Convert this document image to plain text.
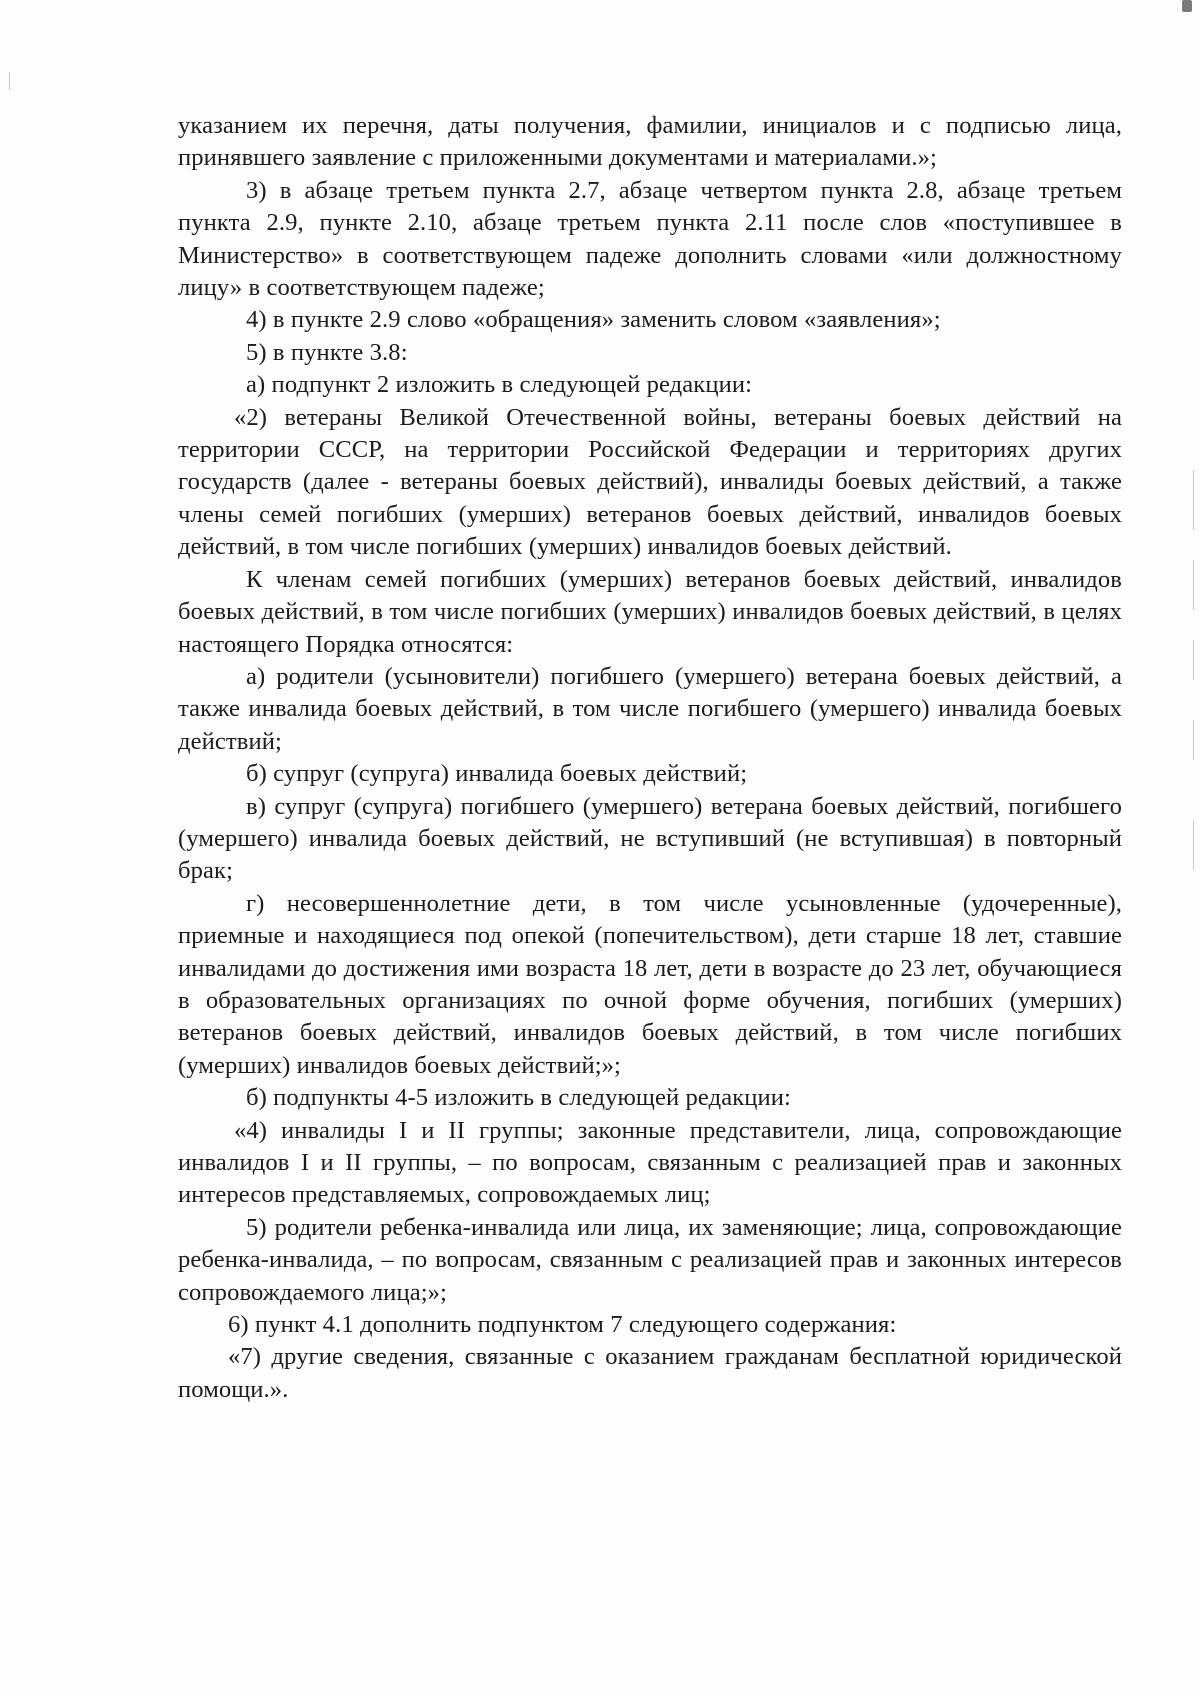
указанием их перечня, даты получения, фамилии, инициалов и с подписью лица, принявшего заявление с приложенными документами и материалами.»;

3) в абзаце третьем пункта 2.7, абзаце четвертом пункта 2.8, абзаце третьем пункта 2.9, пункте 2.10, абзаце третьем пункта 2.11 после слов «поступившее в Министерство» в соответствующем падеже дополнить словами «или должностному лицу» в соответствующем падеже;

4) в пункте 2.9 слово «обращения» заменить словом «заявления»;

5) в пункте 3.8:

а) подпункт 2 изложить в следующей редакции:

«2) ветераны Великой Отечественной войны, ветераны боевых действий на территории СССР, на территории Российской Федерации и территориях других государств (далее - ветераны боевых действий), инвалиды боевых действий, а также члены семей погибших (умерших) ветеранов боевых действий, инвалидов боевых действий, в том числе погибших (умерших) инвалидов боевых действий.

К членам семей погибших (умерших) ветеранов боевых действий, инвалидов боевых действий, в том числе погибших (умерших) инвалидов боевых действий, в целях настоящего Порядка относятся:

а) родители (усыновители) погибшего (умершего) ветерана боевых действий, а также инвалида боевых действий, в том числе погибшего (умершего) инвалида боевых действий;

б) супруг (супруга) инвалида боевых действий;

в) супруг (супруга) погибшего (умершего) ветерана боевых действий, погибшего (умершего) инвалида боевых действий, не вступивший (не вступившая) в повторный брак;

г) несовершеннолетние дети, в том числе усыновленные (удочеренные), приемные и находящиеся под опекой (попечительством), дети старше 18 лет, ставшие инвалидами до достижения ими возраста 18 лет, дети в возрасте до 23 лет, обучающиеся в образовательных организациях по очной форме обучения, погибших (умерших) ветеранов боевых действий, инвалидов боевых действий, в том числе погибших (умерших) инвалидов боевых действий;»;

б) подпункты 4-5 изложить в следующей редакции:

«4) инвалиды I и II группы; законные представители, лица, сопровождающие инвалидов I и II группы, – по вопросам, связанным с реализацией прав и законных интересов представляемых, сопровождаемых лиц;

5) родители ребенка-инвалида или лица, их заменяющие; лица, сопровождающие ребенка-инвалида, – по вопросам, связанным с реализацией прав и законных интересов сопровождаемого лица;»;

6) пункт 4.1 дополнить подпунктом 7 следующего содержания:

«7) другие сведения, связанные с оказанием гражданам бесплатной юридической помощи.».
